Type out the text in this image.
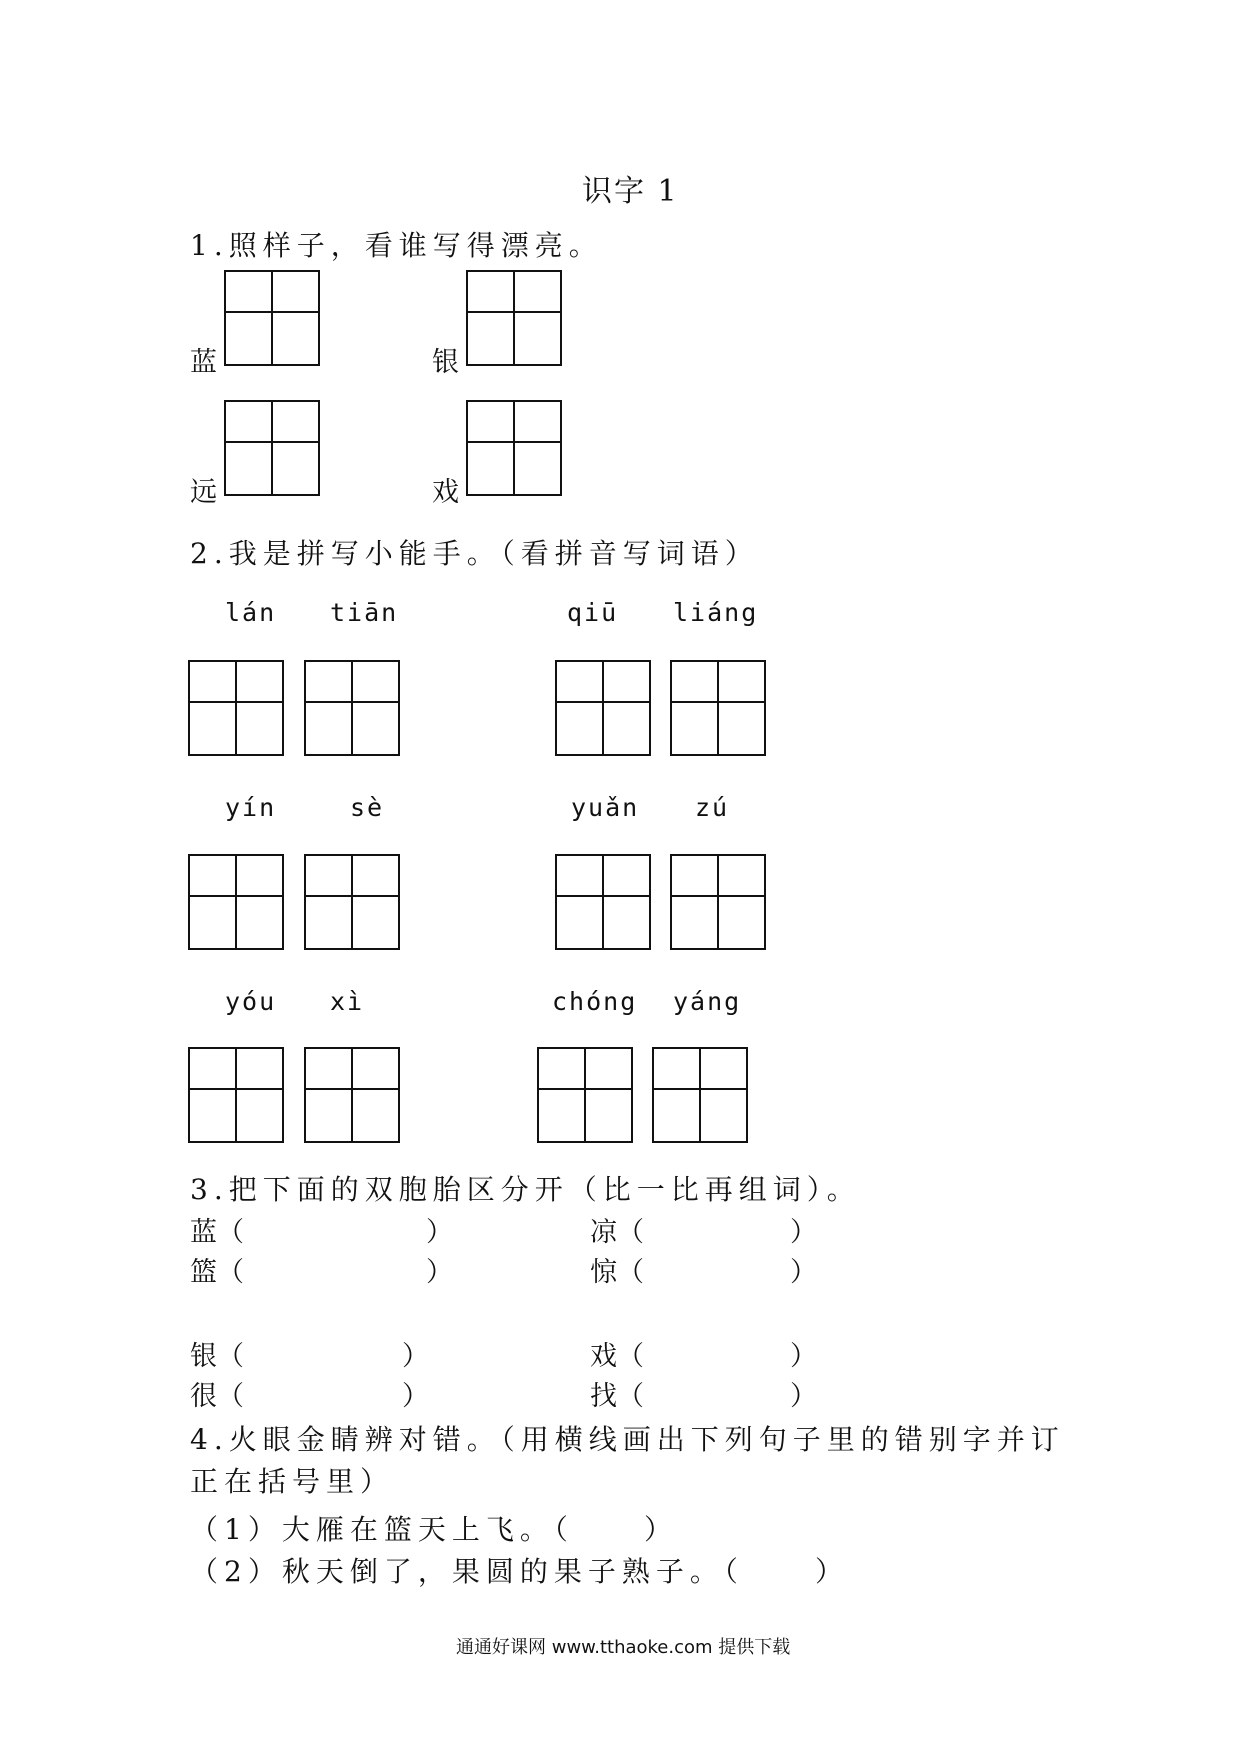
识字 1
1.照样子，看谁写得漂亮。
蓝	银
远	戏
2.我是拼写小能手。（看拼音写词语）
lán tiān	qiū liáng
yín	sè	yuǎn zú
yóu xì	chóng yáng
3.把下面的双胞胎区分开（比一比再组词）。
蓝（	）	凉（	）
篮（	）	惊（	）
银（	）	戏（	）
很（	）	找（	）
4.火眼金睛辨对错。（用横线画出下列句子里的错别字并订
正在括号里）
（1）大雁在篮天上飞。（	）
（2）秋天倒了，果圆的果子熟子。（	）
通通好课网 www.tthaoke.com 提供下载
